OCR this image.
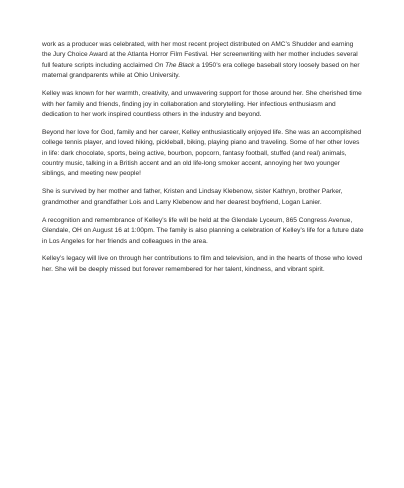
work as a producer was celebrated, with her most recent project distributed on AMC’s Shudder and earning the Jury Choice Award at the Atlanta Horror Film Festival. Her screenwriting with her mother includes several full feature scripts including acclaimed On The Black a 1950’s era college baseball story loosely based on her maternal grandparents while at Ohio University.

Kelley was known for her warmth, creativity, and unwavering support for those around her. She cherished time with her family and friends, finding joy in collaboration and storytelling. Her infectious enthusiasm and dedication to her work inspired countless others in the industry and beyond.

Beyond her love for God, family and her career, Kelley enthusiastically enjoyed life. She was an accomplished college tennis player, and loved hiking, pickleball, biking, playing piano and traveling. Some of her other loves in life: dark chocolate, sports, being active, bourbon, popcorn, fantasy football, stuffed (and real) animals, country music, talking in a British accent and an old life-long smoker accent, annoying her two younger siblings, and meeting new people!

She is survived by her mother and father, Kristen and Lindsay Klebenow, sister Kathryn, brother Parker, grandmother and grandfather Lois and Larry Klebenow and her dearest boyfriend, Logan Lanier.

A recognition and remembrance of Kelley’s life will be held at the Glendale Lyceum, 865 Congress Avenue, Glendale, OH on August 16 at 1:00pm. The family is also planning a celebration of Kelley’s life for a future date in Los Angeles for her friends and colleagues in the area.

Kelley’s legacy will live on through her contributions to film and television, and in the hearts of those who loved her. She will be deeply missed but forever remembered for her talent, kindness, and vibrant spirit.
